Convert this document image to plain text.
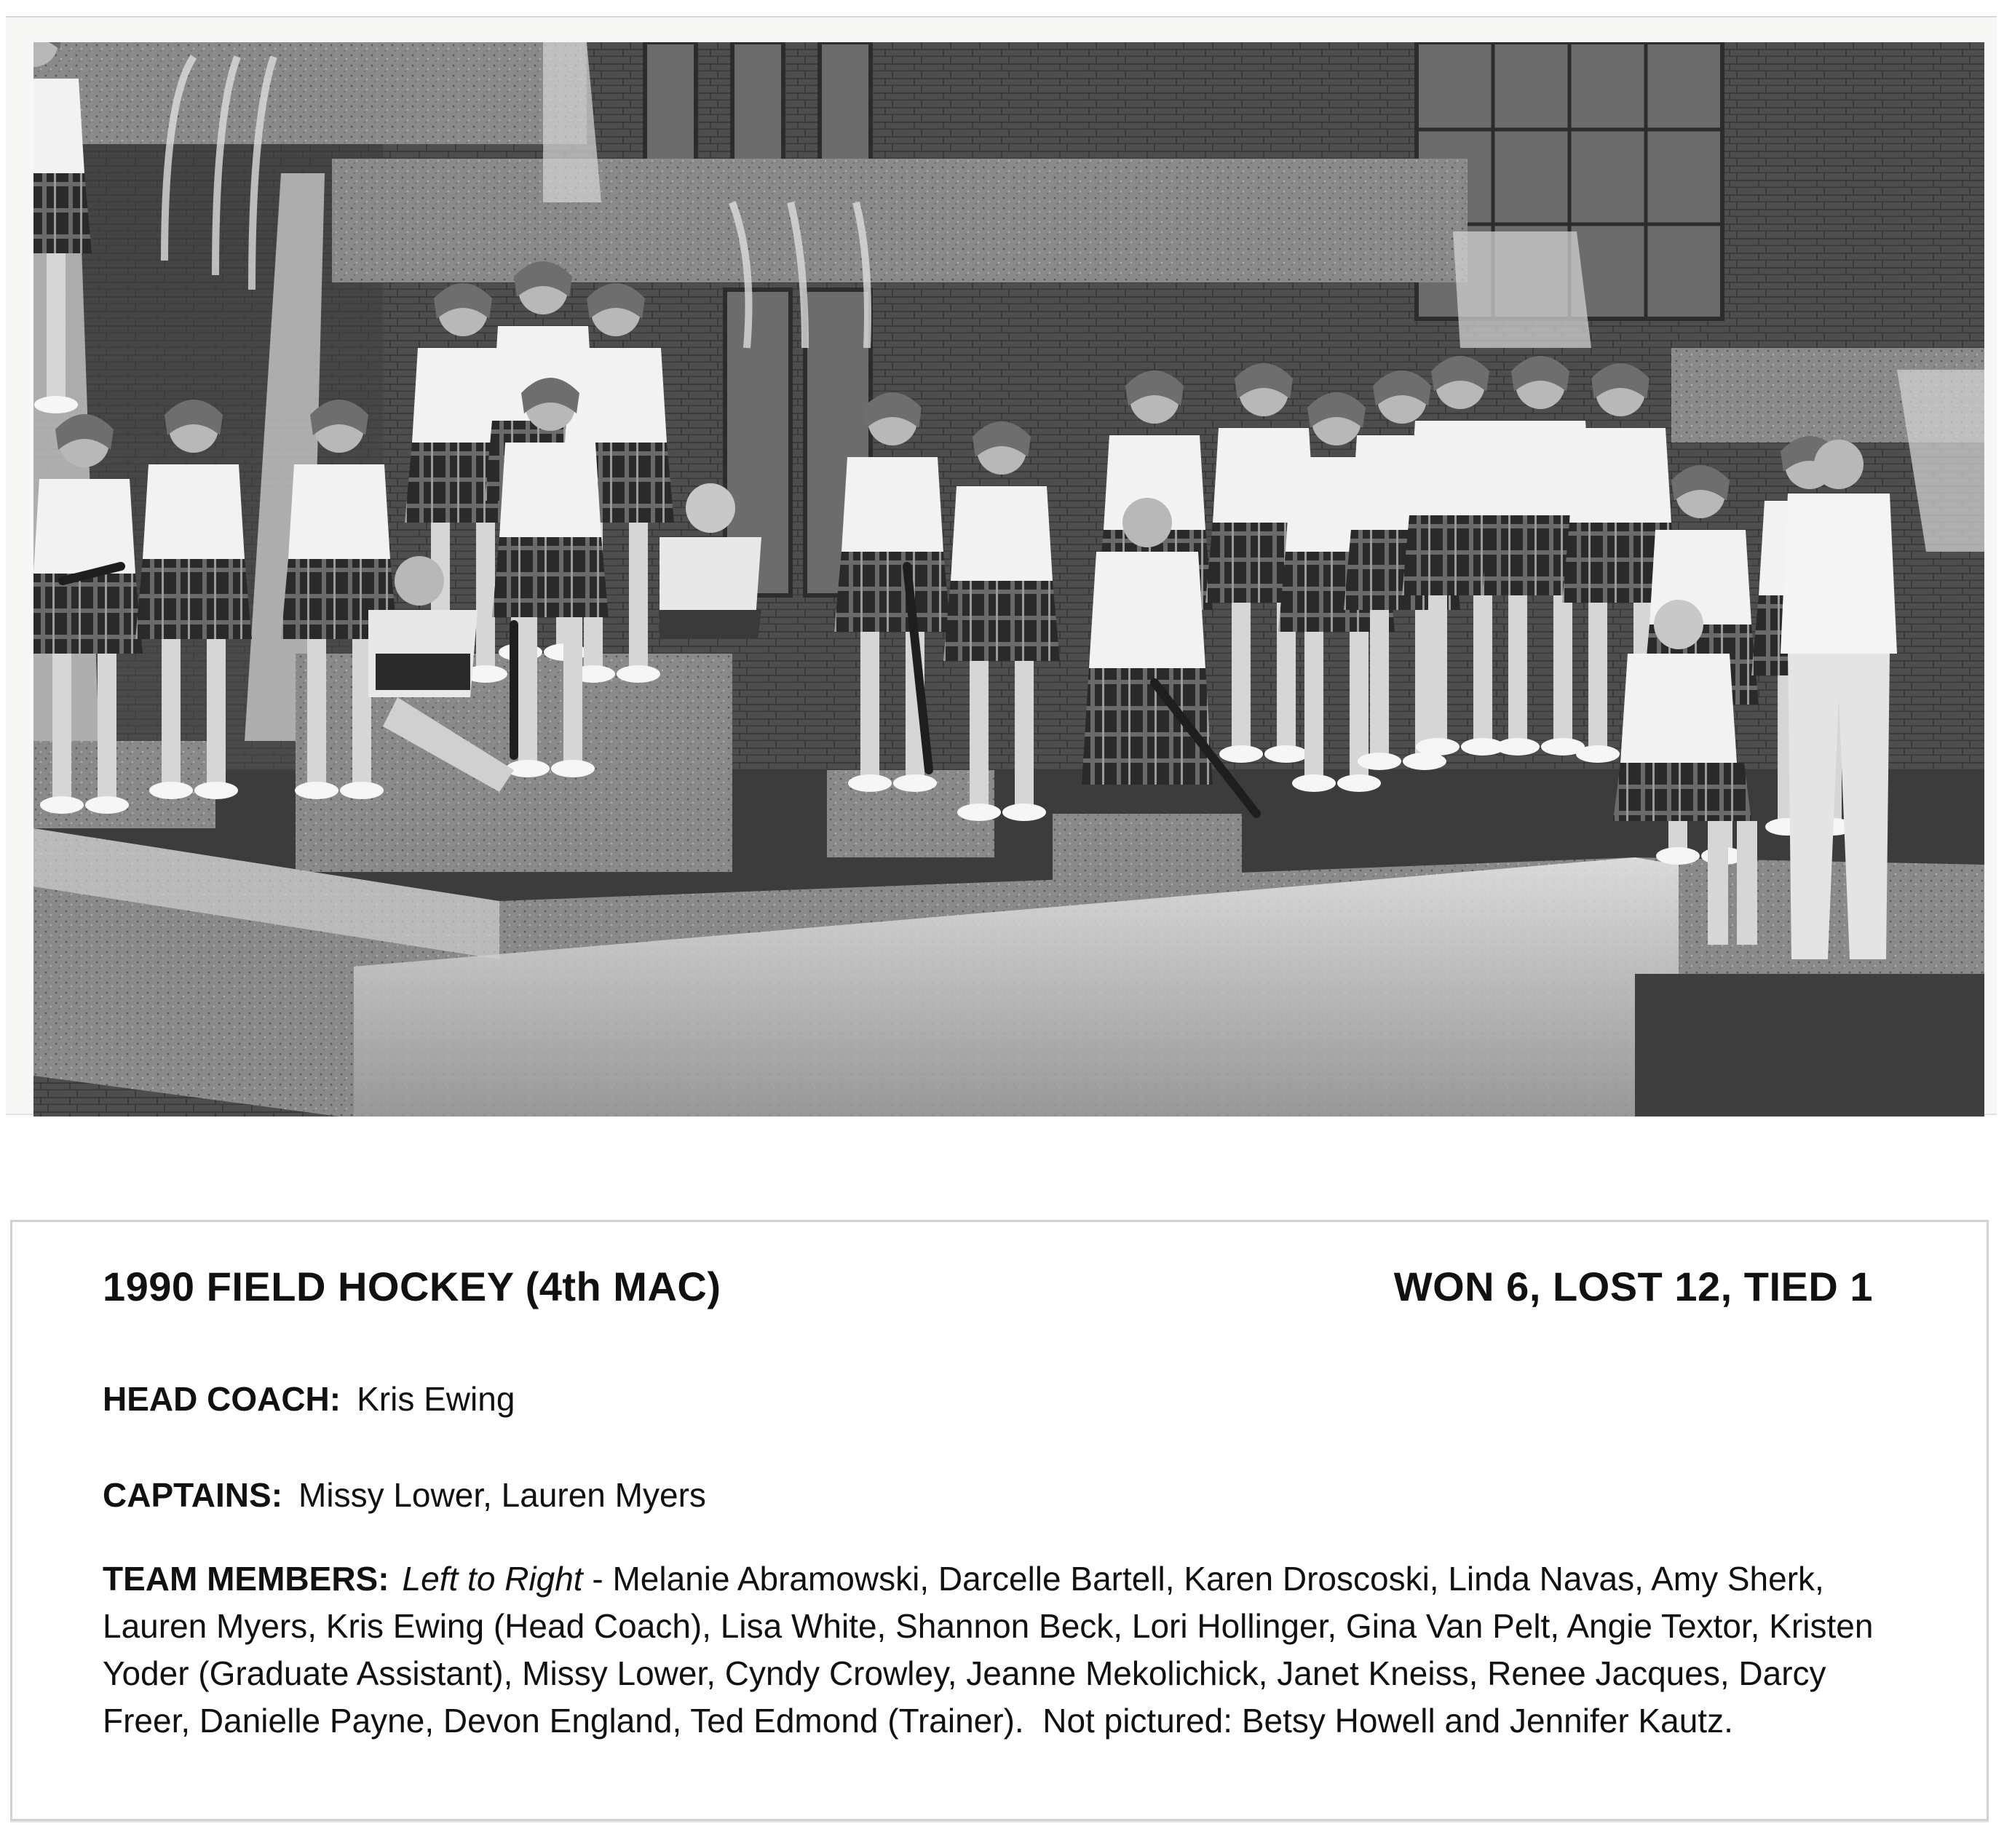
1990 FIELD HOCKEY (4th MAC)	WON 6, LOST 12, TIED 1
HEAD COACH: Kris Ewing
CAPTAINS: Missy Lower, Lauren Myers
TEAM MEMBERS: Left to Right - Melanie Abramowski, Darcelle Bartell, Karen Droscoski, Linda Navas, Amy Sherk, Lauren Myers, Kris Ewing (Head Coach), Lisa White, Shannon Beck, Lori Hollinger, Gina Van Pelt, Angie Textor, Kristen Yoder (Graduate Assistant), Missy Lower, Cyndy Crowley, Jeanne Mekolichick, Janet Kneiss, Renee Jacques, Darcy Freer, Danielle Payne, Devon England, Ted Edmond (Trainer). Not pictured: Betsy Howell and Jennifer Kautz.
